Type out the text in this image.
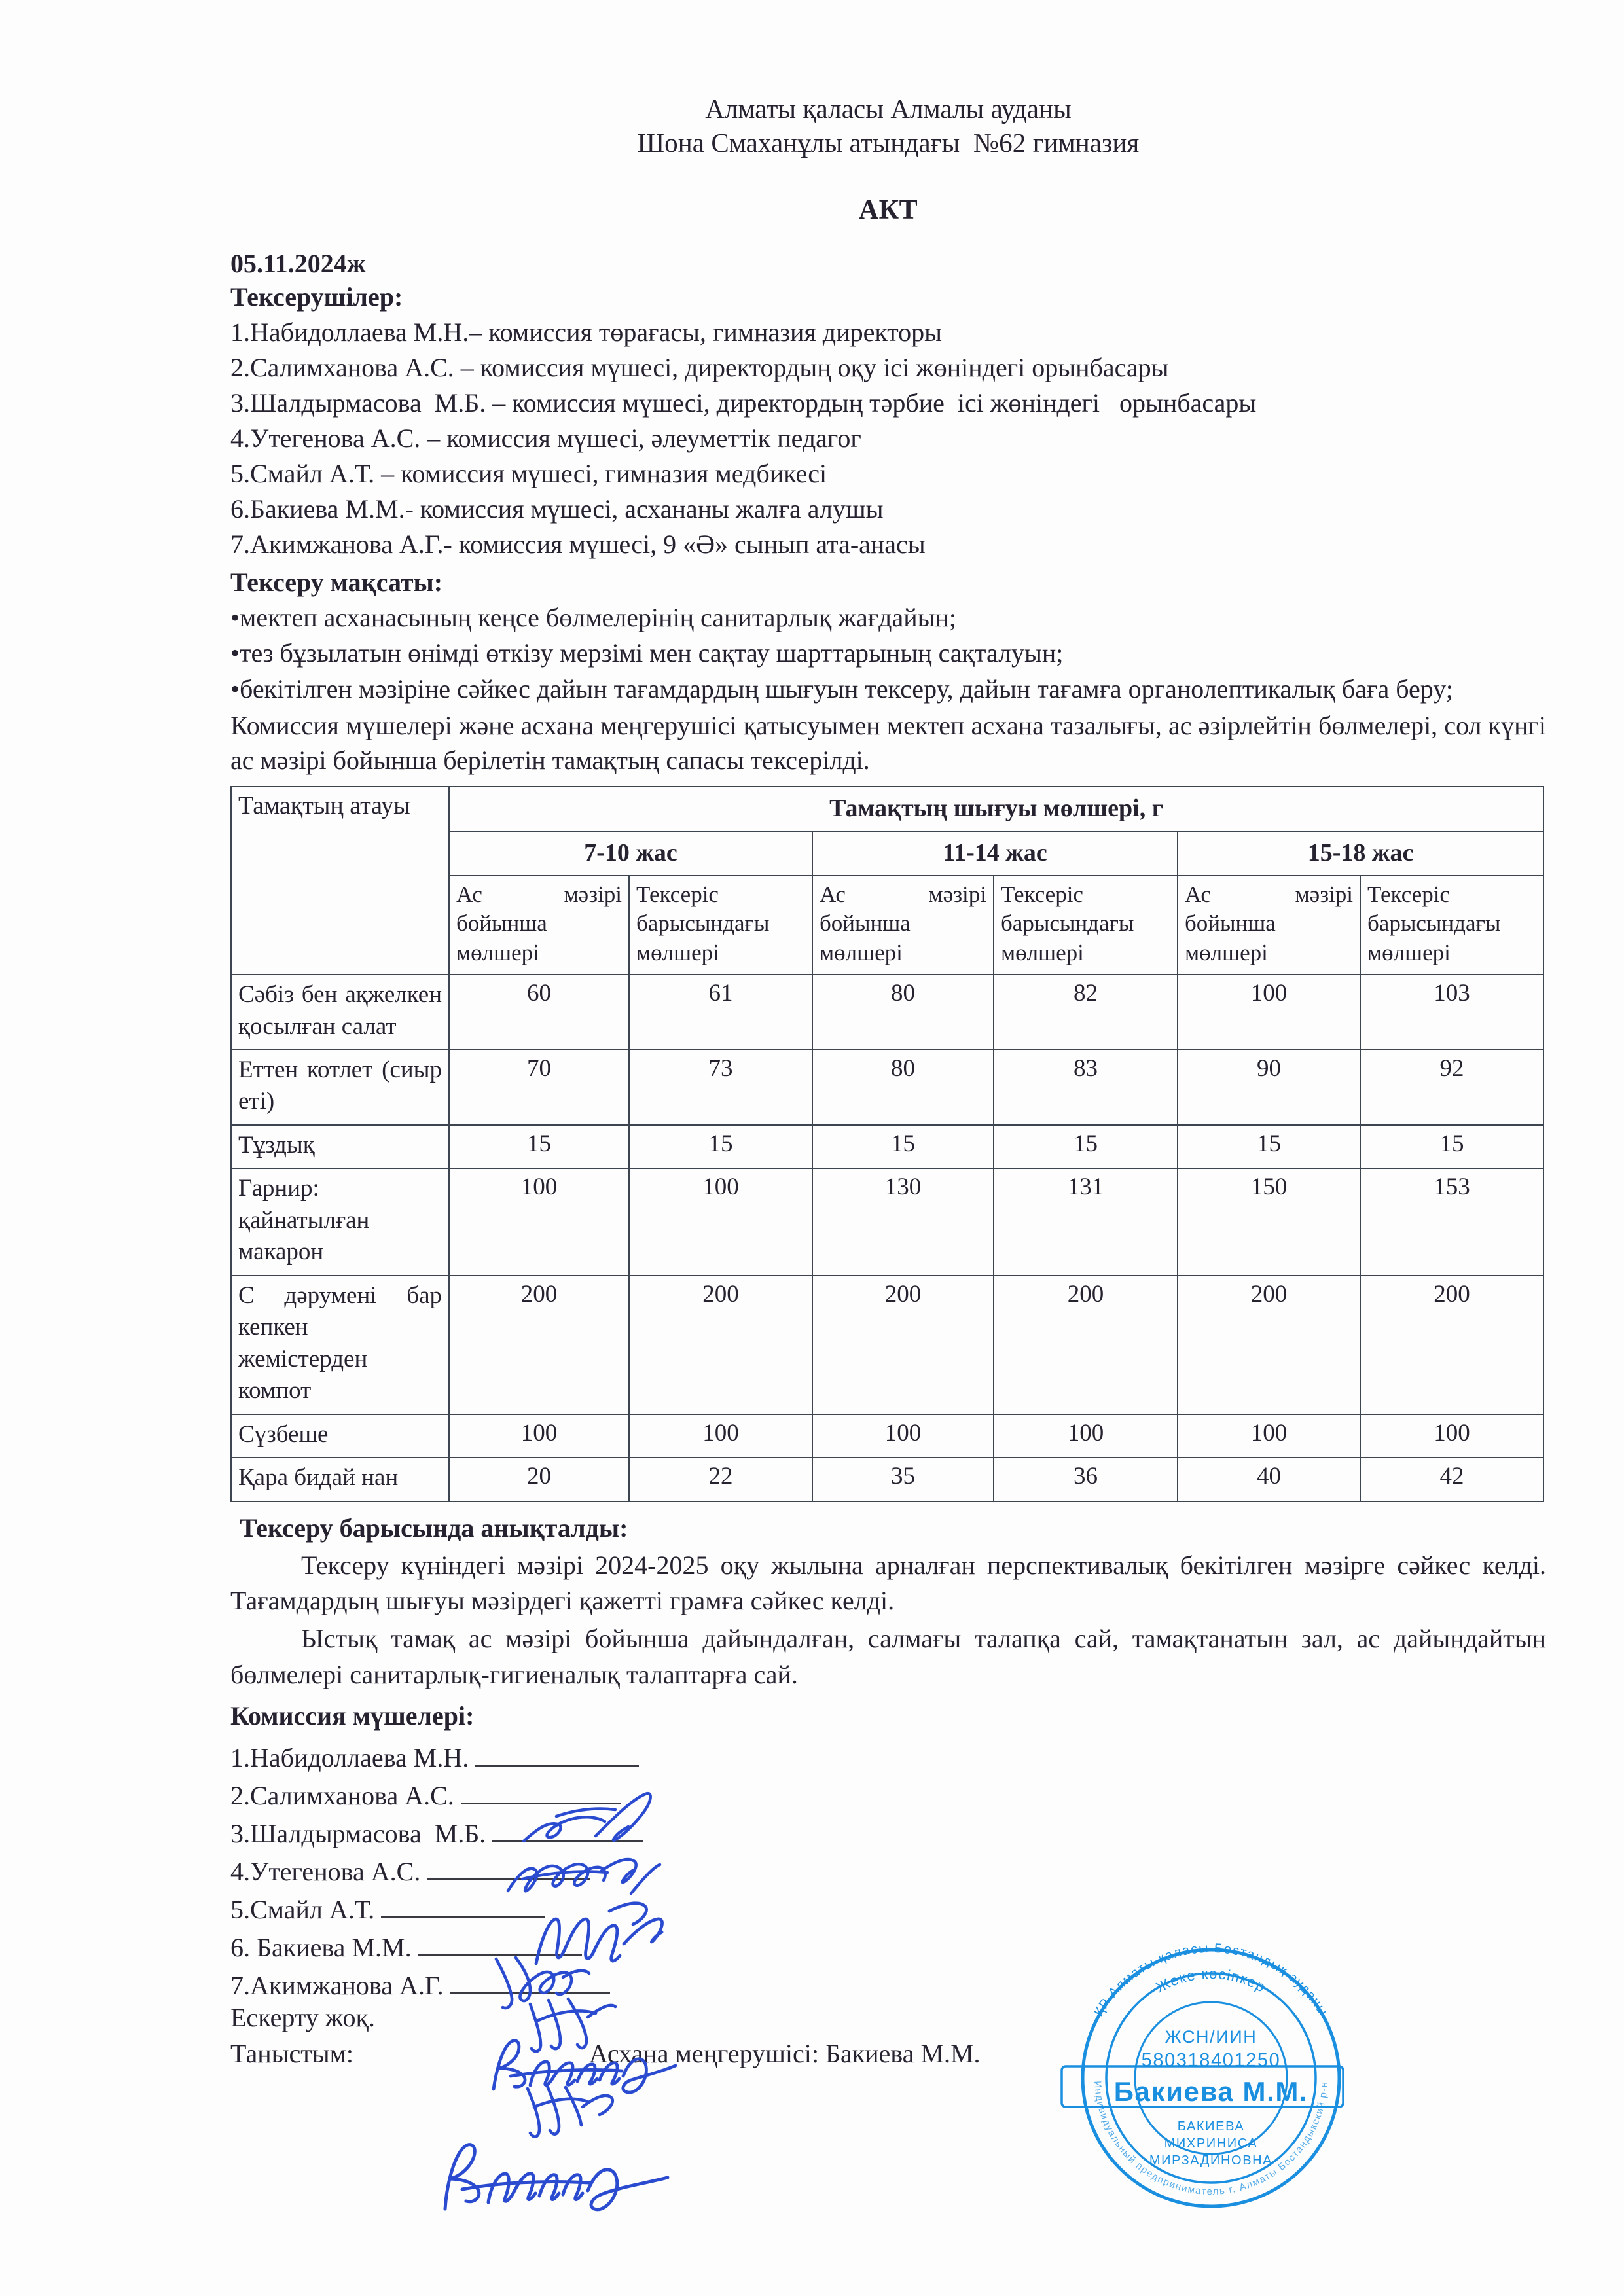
Алматы қаласы Алмалы ауданы
Шона Смаханұлы атындағы  №62 гимназия
АКТ
05.11.2024ж
Тексерушілер:
1.Набидоллаева М.Н.– комиссия төрағасы, гимназия директоры
2.Салимханова А.С. – комиссия мүшесі, директордың оқу ісі жөніндегі орынбасары
3.Шалдырмасова  М.Б. – комиссия мүшесі, директордың тәрбие  ісі жөніндегі   орынбасары
4.Утегенова А.С. – комиссия мүшесі, әлеуметтік педагог
5.Смайл А.Т. – комиссия мүшесі, гимназия медбикесі
6.Бакиева М.М.- комиссия мүшесі, асхананы жалға алушы
7.Акимжанова А.Г.- комиссия мүшесі, 9 «Ә» сынып ата-анасы
Тексеру мақсаты:
•мектеп асханасының кеңсе бөлмелерінің санитарлық жағдайын;
•тез бұзылатын өнімді өткізу мерзімі мен сақтау шарттарының сақталуын;
•бекітілген мәзіріне сәйкес дайын тағамдардың шығуын тексеру, дайын тағамға органолептикалық баға беру;
Комиссия мүшелері және асхана меңгерушісі қатысуымен мектеп асхана тазалығы, ас әзірлейтін бөлмелері, сол күнгі ас мәзірі бойынша берілетін тамақтың сапасы тексерілді.
Тамақтың атауы	Тамақтың шығуы мөлшері, г					
	7-10 жас		11-14 жас		15-18 жас	
	Ас мәзірі бойынша мөлшері	Тексеріс барысындағы мөлшері	Ас мәзірі бойынша мөлшері	Тексеріс барысындағы мөлшері	Ас мәзірі бойынша мөлшері	Тексеріс барысындағы мөлшері
Сәбіз бен ақжелкен қосылған салат	60	61	80	82	100	103
Еттен котлет (сиыр еті)	70	73	80	83	90	92
Тұздық	15	15	15	15	15	15
Гарнир: қайнатылған макарон	100	100	130	131	150	153
С дәрумені бар кепкен жемістерден компот	200	200	200	200	200	200
Сүзбеше	100	100	100	100	100	100
Қара бидай нан	20	22	35	36	40	42
Тексеру барысында анықталды:
Тексеру күніндегі мәзірі 2024-2025 оқу жылына арналған перспективалық бекітілген мәзірге сәйкес келді. Тағамдардың шығуы мәзірдегі қажетті грамға сәйкес келді.
Ыстық тамақ ас мәзірі бойынша дайындалған, салмағы талапқа сай, тамақтанатын зал, ас дайындайтын бөлмелері санитарлық-гигиеналық талаптарға сай.
Комиссия мүшелері:
1.Набидоллаева М.Н.
2.Салимханова А.С.
3.Шалдырмасова  М.Б.
4.Утегенова А.С.
5.Смайл А.Т.
6. Бакиева М.М.
7.Акимжанова А.Г.
Ескерту жоқ.
Таныстым:	Асхана меңгерушісі: Бакиева М.М.
ҚР Алматы қаласы Бостандық ауданы
Индивидуальный предприниматель г. Алматы Бостандыкский р-н
Жеке кәсіпкер
ЖСН/ИИН
580318401250
Бакиева М.М.
БАКИЕВА
МИХРИНИСА
МИРЗАДИНОВНА
